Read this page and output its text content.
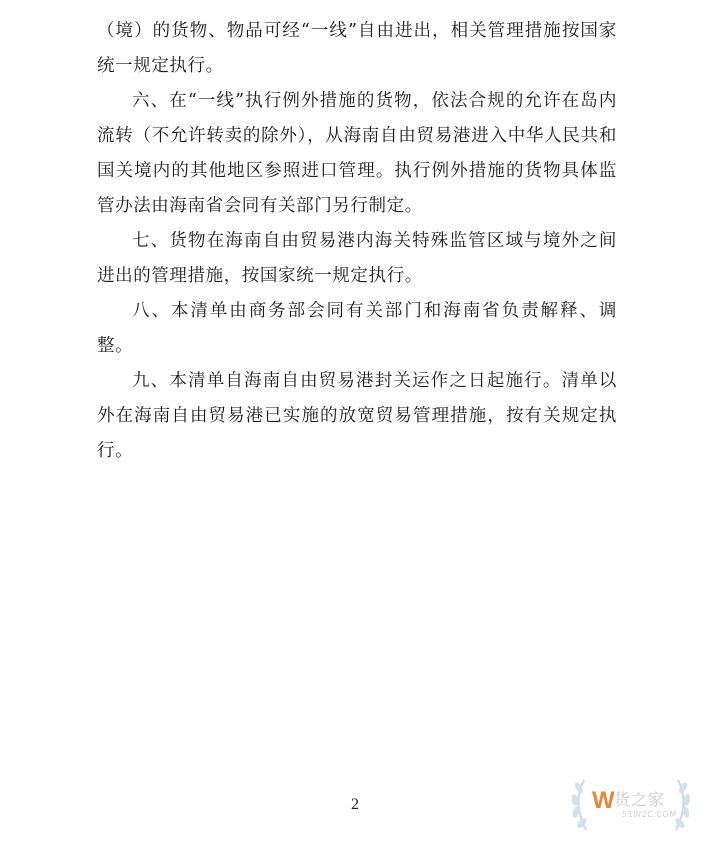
（境）的货物、物品可经“一线”自由进出，相关管理措施按国家统一规定执行。

六、在“一线”执行例外措施的货物，依法合规的允许在岛内流转（不允许转卖的除外），从海南自由贸易港进入中华人民共和国关境内的其他地区参照进口管理。执行例外措施的货物具体监管办法由海南省会同有关部门另行制定。

七、货物在海南自由贸易港内海关特殊监管区域与境外之间进出的管理措施，按国家统一规定执行。

八、本清单由商务部会同有关部门和海南省负责解释、调整。

九、本清单自海南自由贸易港封关运作之日起施行。清单以外在海南自由贸易港已实施的放宽贸易管理措施，按有关规定执行。

2	W 货之家
51W2C.COM
